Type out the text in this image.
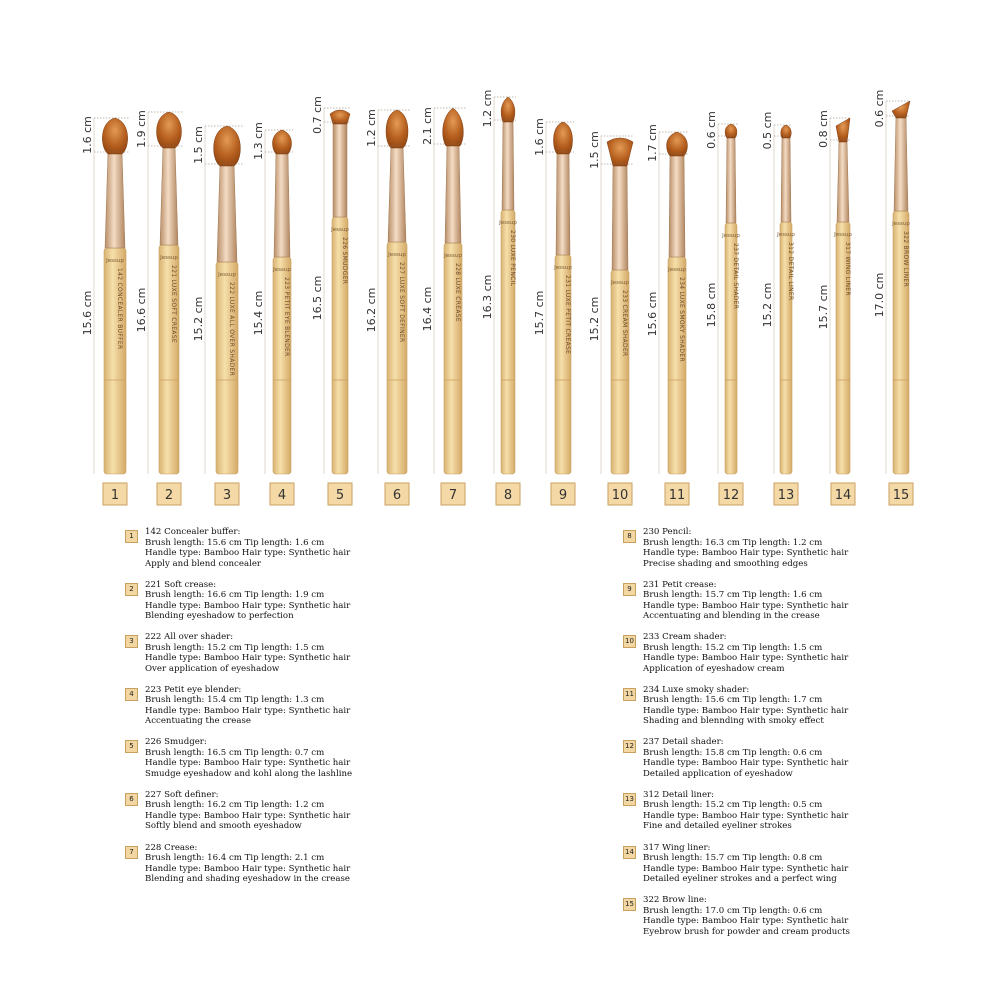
142 CONCEALER BUFFER
Jessup
1.6 cm
15.6 cm
1
221 LUXE SOFT CREASE
Jessup
1.9 cm
16.6 cm
2
222 LUXE ALL OVER SHADER
Jessup
1.5 cm
15.2 cm
3
223 PETIT EYE BLENDER
Jessup
1.3 cm
15.4 cm
4
226 SMUDGER
Jessup
0.7 cm
16.5 cm
5
227 LUXE SOFT DEFINER
Jessup
1.2 cm
16.2 cm
6
228 LUXE CREASE
Jessup
2.1 cm
16.4 cm
7
230 LUXE PENCIL
Jessup
1.2 cm
16.3 cm
8
231 LUXE PETIT CREASE
Jessup
1.6 cm
15.7 cm
9
233 CREAM SHADER
Jessup
1.5 cm
15.2 cm
10
234 LUXE SMOKY SHADER
Jessup
1.7 cm
15.6 cm
11
237 DETAIL SHADER
Jessup
0.6 cm
15.8 cm
12
312 DETAIL LINER
Jessup
0.5 cm
15.2 cm
13
317 WING LINER
Jessup
0.8 cm
15.7 cm
14
322 BROW LINER
Jessup
0.6 cm
17.0 cm
15
1	142 Concealer buffer:
Brush length: 15.6 cm Tip length: 1.6 cm
Handle type: Bamboo Hair type: Synthetic hair
Apply and blend concealer
2	221 Soft crease:
Brush length: 16.6 cm Tip length: 1.9 cm
Handle type: Bamboo Hair type: Synthetic hair
Blending eyeshadow to perfection
3	222 All over shader:
Brush length: 15.2 cm Tip length: 1.5 cm
Handle type: Bamboo Hair type: Synthetic hair
Over application of eyeshadow
4	223 Petit eye blender:
Brush length: 15.4 cm Tip length: 1.3 cm
Handle type: Bamboo Hair type: Synthetic hair
Accentuating the crease
5	226 Smudger:
Brush length: 16.5 cm Tip length: 0.7 cm
Handle type: Bamboo Hair type: Synthetic hair
Smudge eyeshadow and kohl along the lashline
6	227 Soft definer:
Brush length: 16.2 cm Tip length: 1.2 cm
Handle type: Bamboo Hair type: Synthetic hair
Softly blend and smooth eyeshadow
7	228 Crease:
Brush length: 16.4 cm Tip length: 2.1 cm
Handle type: Bamboo Hair type: Synthetic hair
Blending and shading eyeshadow in the crease
8	230 Pencil:
Brush length: 16.3 cm Tip length: 1.2 cm
Handle type: Bamboo Hair type: Synthetic hair
Precise shading and smoothing edges
9	231 Petit crease:
Brush length: 15.7 cm Tip length: 1.6 cm
Handle type: Bamboo Hair type: Synthetic hair
Accentuating and blending in the crease
10 233 Cream shader:
Brush length: 15.2 cm Tip length: 1.5 cm
Handle type: Bamboo Hair type: Synthetic hair
Application of eyeshadow cream
11 234 Luxe smoky shader:
Brush length: 15.6 cm Tip length: 1.7 cm
Handle type: Bamboo Hair type: Synthetic hair
Shading and blennding with smoky effect
12 237 Detail shader:
Brush length: 15.8 cm Tip length: 0.6 cm
Handle type: Bamboo Hair type: Synthetic hair
Detailed application of eyeshadow
13 312 Detail liner:
Brush length: 15.2 cm Tip length: 0.5 cm
Handle type: Bamboo Hair type: Synthetic hair
Fine and detailed eyeliner strokes
14 317 Wing liner:
Brush length: 15.7 cm Tip length: 0.8 cm
Handle type: Bamboo Hair type: Synthetic hair
Detailed eyeliner strokes and a perfect wing
15 322 Brow line:
Brush length: 17.0 cm Tip length: 0.6 cm
Handle type: Bamboo Hair type: Synthetic hair
Eyebrow brush for powder and cream products
